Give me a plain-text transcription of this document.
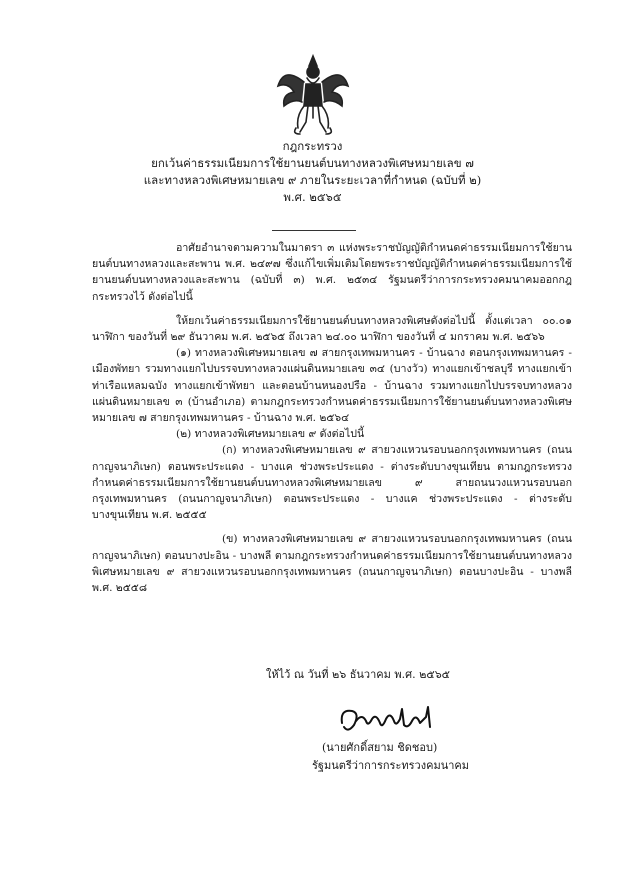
กฎกระทรวง
ยกเว้นค่าธรรมเนียมการใช้ยานยนต์บนทางหลวงพิเศษหมายเลข ๗
และทางหลวงพิเศษหมายเลข ๙ ภายในระยะเวลาที่กำหนด (ฉบับที่ ๒)
พ.ศ. ๒๕๖๕

อาศัยอำนาจตามความในมาตรา ๓ แห่งพระราชบัญญัติกำหนดค่าธรรมเนียมการใช้ยานยนต์บนทางหลวงและสะพาน พ.ศ. ๒๔๙๗ ซึ่งแก้ไขเพิ่มเติมโดยพระราชบัญญัติกำหนดค่าธรรมเนียมการใช้ยานยนต์บนทางหลวงและสะพาน (ฉบับที่ ๓) พ.ศ. ๒๕๓๔ รัฐมนตรีว่าการกระทรวงคมนาคมออกกฎกระทรวงไว้ ดังต่อไปนี้

ให้ยกเว้นค่าธรรมเนียมการใช้ยานยนต์บนทางหลวงพิเศษดังต่อไปนี้ ตั้งแต่เวลา ๐๐.๐๑ นาฬิกา ของวันที่ ๒๙ ธันวาคม พ.ศ. ๒๕๖๕ ถึงเวลา ๒๔.๐๐ นาฬิกา ของวันที่ ๔ มกราคม พ.ศ. ๒๕๖๖

(๑) ทางหลวงพิเศษหมายเลข ๗ สายกรุงเทพมหานคร - บ้านฉาง ตอนกรุงเทพมหานคร - เมืองพัทยา รวมทางแยกไปบรรจบทางหลวงแผ่นดินหมายเลข ๓๔ (บางวัว) ทางแยกเข้าชลบุรี ทางแยกเข้าท่าเรือแหลมฉบัง ทางแยกเข้าพัทยา และตอนบ้านหนองปรือ - บ้านฉาง รวมทางแยกไปบรรจบทางหลวงแผ่นดินหมายเลข ๓ (บ้านอำเภอ) ตามกฎกระทรวงกำหนดค่าธรรมเนียมการใช้ยานยนต์บนทางหลวงพิเศษหมายเลข ๗ สายกรุงเทพมหานคร - บ้านฉาง พ.ศ. ๒๕๖๔

(๒) ทางหลวงพิเศษหมายเลข ๙ ดังต่อไปนี้

(ก) ทางหลวงพิเศษหมายเลข ๙ สายวงแหวนรอบนอกกรุงเทพมหานคร (ถนนกาญจนาภิเษก) ตอนพระประแดง - บางแค ช่วงพระประแดง - ต่างระดับบางขุนเทียน ตามกฎกระทรวงกำหนดค่าธรรมเนียมการใช้ยานยนต์บนทางหลวงพิเศษหมายเลข ๙ สายถนนวงแหวนรอบนอกกรุงเทพมหานคร (ถนนกาญจนาภิเษก) ตอนพระประแดง - บางแค ช่วงพระประแดง - ต่างระดับบางขุนเทียน พ.ศ. ๒๕๕๕

(ข) ทางหลวงพิเศษหมายเลข ๙ สายวงแหวนรอบนอกกรุงเทพมหานคร (ถนนกาญจนาภิเษก) ตอนบางปะอิน - บางพลี ตามกฎกระทรวงกำหนดค่าธรรมเนียมการใช้ยานยนต์บนทางหลวงพิเศษหมายเลข ๙ สายวงแหวนรอบนอกกรุงเทพมหานคร (ถนนกาญจนาภิเษก) ตอนบางปะอิน - บางพลี พ.ศ. ๒๕๕๘

ให้ไว้ ณ วันที่ ๒๖ ธันวาคม พ.ศ. ๒๕๖๕
(นายศักดิ์สยาม ชิดชอบ)
รัฐมนตรีว่าการกระทรวงคมนาคม
